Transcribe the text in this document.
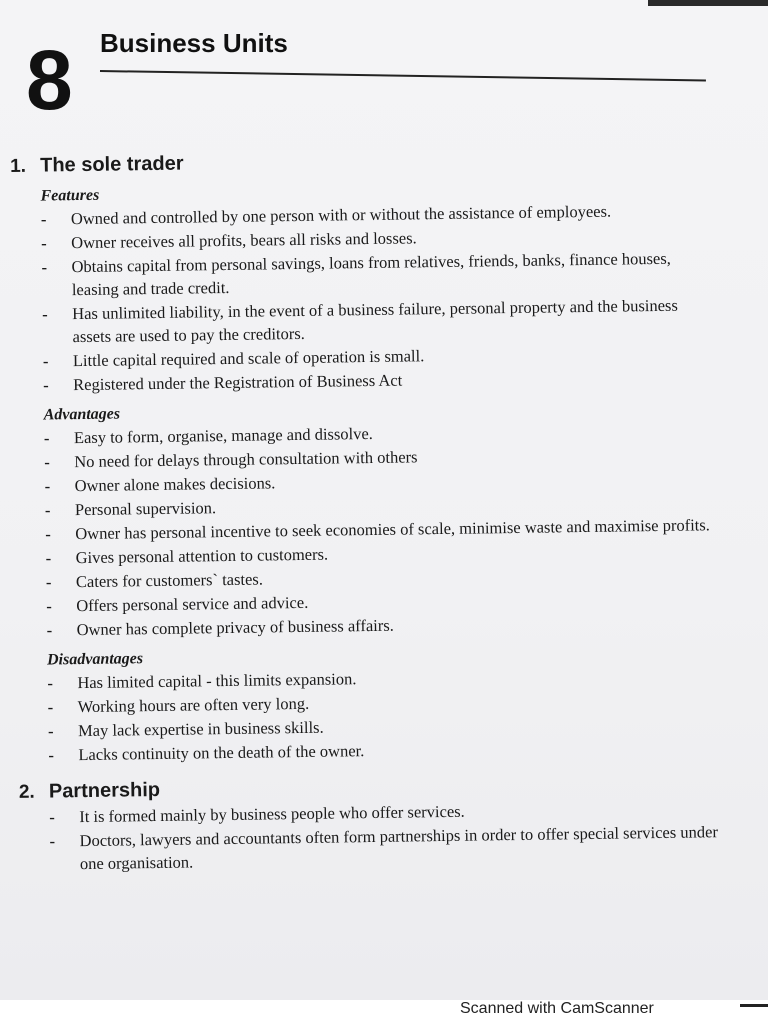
8 Business Units
1. The sole trader
Features
- Owned and controlled by one person with or without the assistance of employees.
- Owner receives all profits, bears all risks and losses.
- Obtains capital from personal savings, loans from relatives, friends, banks, finance houses, leasing and trade credit.
- Has unlimited liability, in the event of a business failure, personal property and the business assets are used to pay the creditors.
- Little capital required and scale of operation is small.
- Registered under the Registration of Business Act
Advantages
- Easy to form, organise, manage and dissolve.
- No need for delays through consultation with others
- Owner alone makes decisions.
- Personal supervision.
- Owner has personal incentive to seek economies of scale, minimise waste and maximise profits.
- Gives personal attention to customers.
- Caters for customers` tastes.
- Offers personal service and advice.
- Owner has complete privacy of business affairs.
Disadvantages
- Has limited capital - this limits expansion.
- Working hours are often very long.
- May lack expertise in business skills.
- Lacks continuity on the death of the owner.
2. Partnership
- It is formed mainly by business people who offer services.
- Doctors, lawyers and accountants often form partnerships in order to offer special services under one organisation.
Scanned with CamScanner
